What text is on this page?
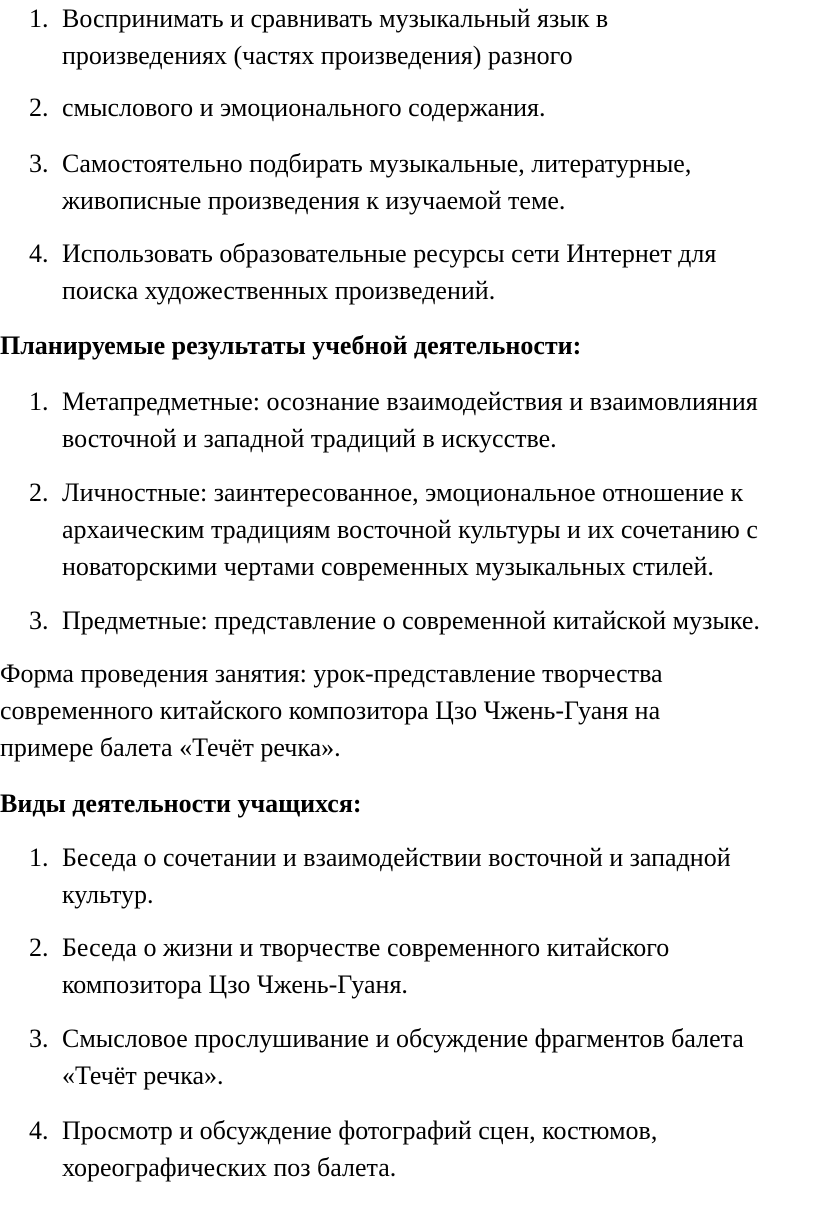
1. Воспринимать и сравнивать музыкальный язык в
произведениях (частях произведения) разного
2. смыслового и эмоционального содержания.
3. Самостоятельно подбирать музыкальные, литературные,
живописные произведения к изучаемой теме.
4. Использовать образовательные ресурсы сети Интернет для
поиска художественных произведений.
Планируемые результаты учебной деятельности:
1. Метапредметные: осознание взаимодействия и взаимовлияния
восточной и западной традиций в искусстве.
2. Личностные: заинтересованное, эмоциональное отношение к
архаическим традициям восточной культуры и их сочетанию с
новаторскими чертами современных музыкальных стилей.
3. Предметные: представление о современной китайской музыке.
Форма проведения занятия: урок-представление творчества
современного китайского композитора Цзо Чжень-Гуаня на
примере балета «Течёт речка».
Виды деятельности учащихся:
1. Беседа о сочетании и взаимодействии восточной и западной
культур.
2. Беседа о жизни и творчестве современного китайского
композитора Цзо Чжень-Гуаня.
3. Смысловое прослушивание и обсуждение фрагментов балета
«Течёт речка».
4. Просмотр и обсуждение фотографий сцен, костюмов,
хореографических поз балета.
